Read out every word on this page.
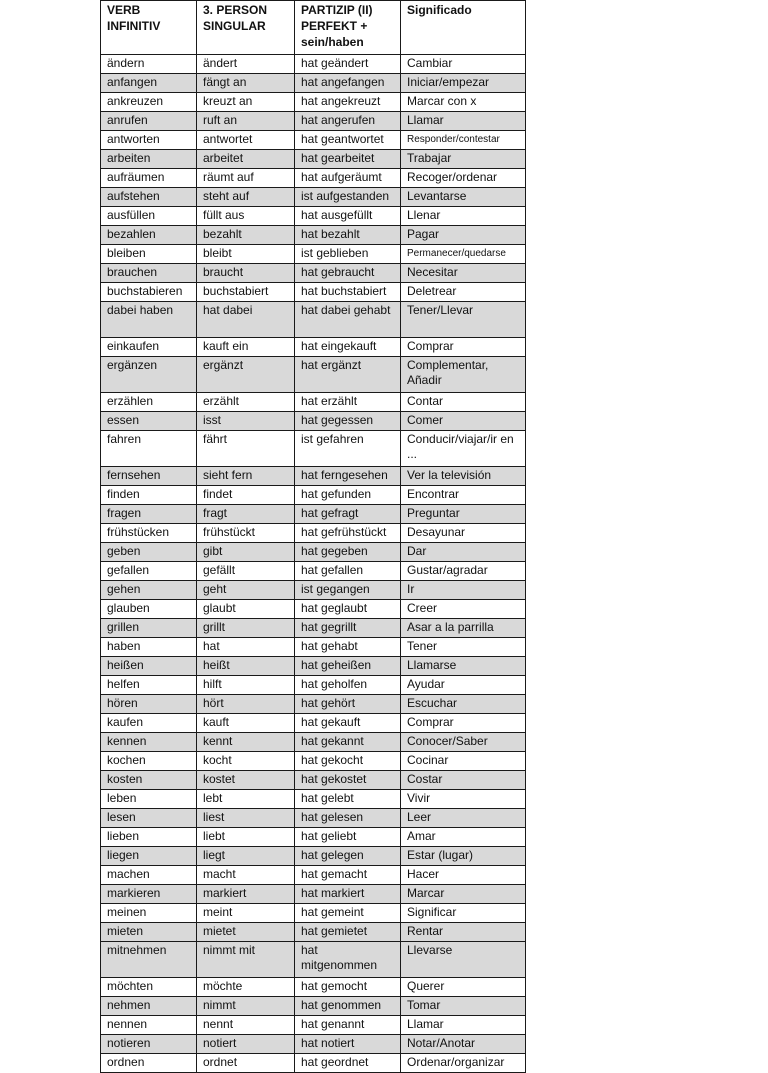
VERB INFINITIV	3. PERSON SINGULAR	PARTIZIP (II) PERFEKT + sein/haben	Significado
ändern	ändert	hat geändert	Cambiar
anfangen	fängt an	hat angefangen	Iniciar/empezar
ankreuzen	kreuzt an	hat angekreuzt	Marcar con x
anrufen	ruft an	hat angerufen	Llamar
antworten	antwortet	hat geantwortet	Responder/contestar
arbeiten	arbeitet	hat gearbeitet	Trabajar
aufräumen	räumt auf	hat aufgeräumt	Recoger/ordenar
aufstehen	steht auf	ist aufgestanden	Levantarse
ausfüllen	füllt aus	hat ausgefüllt	Llenar
bezahlen	bezahlt	hat bezahlt	Pagar
bleiben	bleibt	ist geblieben	Permanecer/quedarse
brauchen	braucht	hat gebraucht	Necesitar
buchstabieren	buchstabiert	hat buchstabiert	Deletrear
dabei haben	hat dabei	hat dabei gehabt	Tener/Llevar
einkaufen	kauft ein	hat eingekauft	Comprar
ergänzen	ergänzt	hat ergänzt	Complementar, Añadir
erzählen	erzählt	hat erzählt	Contar
essen	isst	hat gegessen	Comer
fahren	fährt	ist gefahren	Conducir/viajar/ir en ...
fernsehen	sieht fern	hat ferngesehen	Ver la televisión
finden	findet	hat gefunden	Encontrar
fragen	fragt	hat gefragt	Preguntar
frühstücken	frühstückt	hat gefrühstückt	Desayunar
geben	gibt	hat gegeben	Dar
gefallen	gefällt	hat gefallen	Gustar/agradar
gehen	geht	ist gegangen	Ir
glauben	glaubt	hat geglaubt	Creer
grillen	grillt	hat gegrillt	Asar a la parrilla
haben	hat	hat gehabt	Tener
heißen	heißt	hat geheißen	Llamarse
helfen	hilft	hat geholfen	Ayudar
hören	hört	hat gehört	Escuchar
kaufen	kauft	hat gekauft	Comprar
kennen	kennt	hat gekannt	Conocer/Saber
kochen	kocht	hat gekocht	Cocinar
kosten	kostet	hat gekostet	Costar
leben	lebt	hat gelebt	Vivir
lesen	liest	hat gelesen	Leer
lieben	liebt	hat geliebt	Amar
liegen	liegt	hat gelegen	Estar (lugar)
machen	macht	hat gemacht	Hacer
markieren	markiert	hat markiert	Marcar
meinen	meint	hat gemeint	Significar
mieten	mietet	hat gemietet	Rentar
mitnehmen	nimmt mit	hat mitgenommen	Llevarse
möchten	möchte	hat gemocht	Querer
nehmen	nimmt	hat genommen	Tomar
nennen	nennt	hat genannt	Llamar
notieren	notiert	hat notiert	Notar/Anotar
ordnen	ordnet	hat geordnet	Ordenar/organizar
